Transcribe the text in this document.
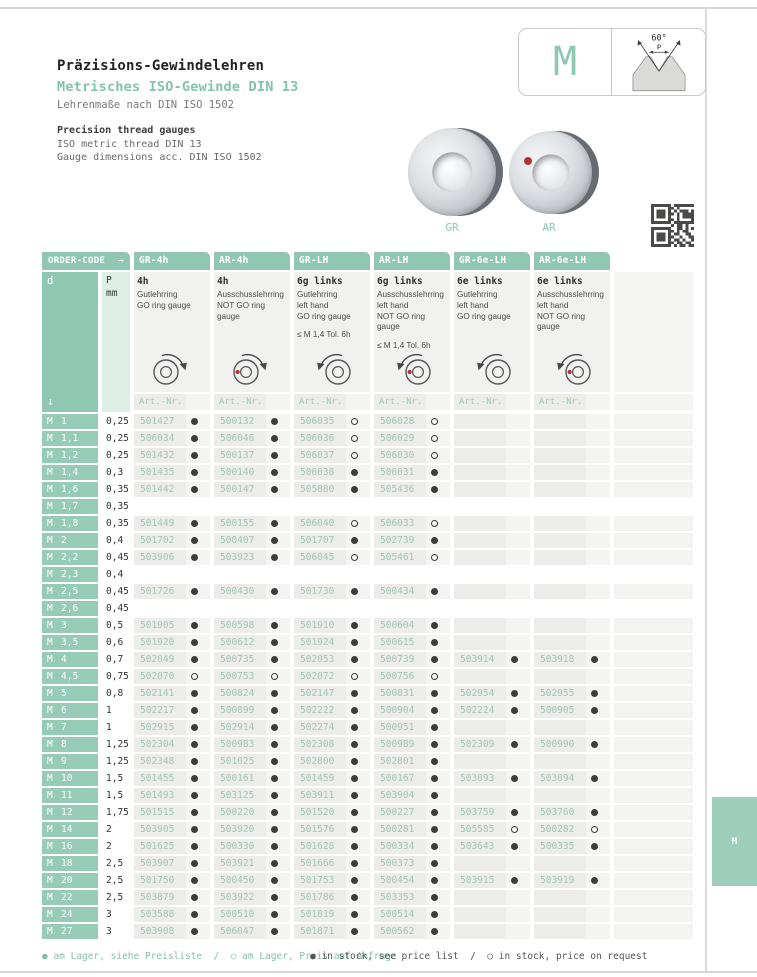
Präzisions-Gewindelehren
Metrisches ISO-Gewinde DIN 13
Lehrenmaße nach DIN ISO 1502
Precision thread gauges
ISO metric thread DIN 13
Gauge dimensions acc. DIN ISO 1502
M
60°
P
GR	AR
ORDER-CODE →
d
↓
P
mm
GR-4h
4h
Gutlehrring
GO ring gauge
Art.-Nr.
AR-4h
4h
Ausschusslehrring
NOT GO ring gauge
Art.-Nr.
GR-LH
6g links
Gutlehrring
left hand
GO ring gauge
≤ M 1,4 Tol. 6h
Art.-Nr.
AR-LH
6g links
Ausschusslehrring
left hand
NOT GO ring gauge
≤ M 1,4 Tol. 6h
Art.-Nr.
GR-6e-LH
6e links
Gutlehrring
left hand
GO ring gauge
Art.-Nr.
AR-6e-LH
6e links
Ausschusslehrring
left hand
NOT GO ring gauge
Art.-Nr.
M 1	0,25 501427	500132	506035	506028
M 1,1	0,25 506034	506046	506036	506029
M 1,2	0,25 501432	500137	506037	506030
M 1,4	0,3	501435	500140	506038	506031
M 1,6	0,35 501442	500147	505880	505436
M 1,7	0,35
M 1,8	0,35 501449	500155	506040	506033
M 2	0,4	501702	500407	501707	502739
M 2,2	0,45 503906	503923	506045	505461
M 2,3	0,4
M 2,5	0,45 501726	500430	501730	500434
M 2,6	0,45
M 3	0,5	501905	500598	501910	500604
M 3,5	0,6	501920	500612	501924	500615
M 4	0,7	502049	500735	502053	500739	503914	503918
M 4,5	0,75 502070	500753	502072	500756
M 5	0,8	502141	500824	502147	500831	502954	502955
M 6	1	502217	500899	502222	500904	502224	500905
M 7	1	502915	502914	502274	500951
M 8	1,25 502304	500983	502308	500989	502309	500990
M 9	1,25 502348	501025	502800	502801
M 10	1,5	501455	500161	501459	500167	503093	503094
M 11	1,5	501493	503125	503911	503904
M 12	1,75 501515	500220	501520	500227	503759	503760
M 14	2	503905	503920	501576	500281	505585	500282
M 16	2	501625	500330	501628	500334	503643	500335
M 18	2,5	503907	503921	501666	500373
M 20	2,5	501750	500450	501753	500454	503915	503919
M 22	2,5	503879	503922	501786	503353
M 24	3	503588	500510	501819	500514
M 27	3	503908	506047	501871	500562
● am Lager, siehe Preisliste  /  ○ am Lager, Preis auf Anfrage
● in stock, see price list  /  ○ in stock, price on request
M
